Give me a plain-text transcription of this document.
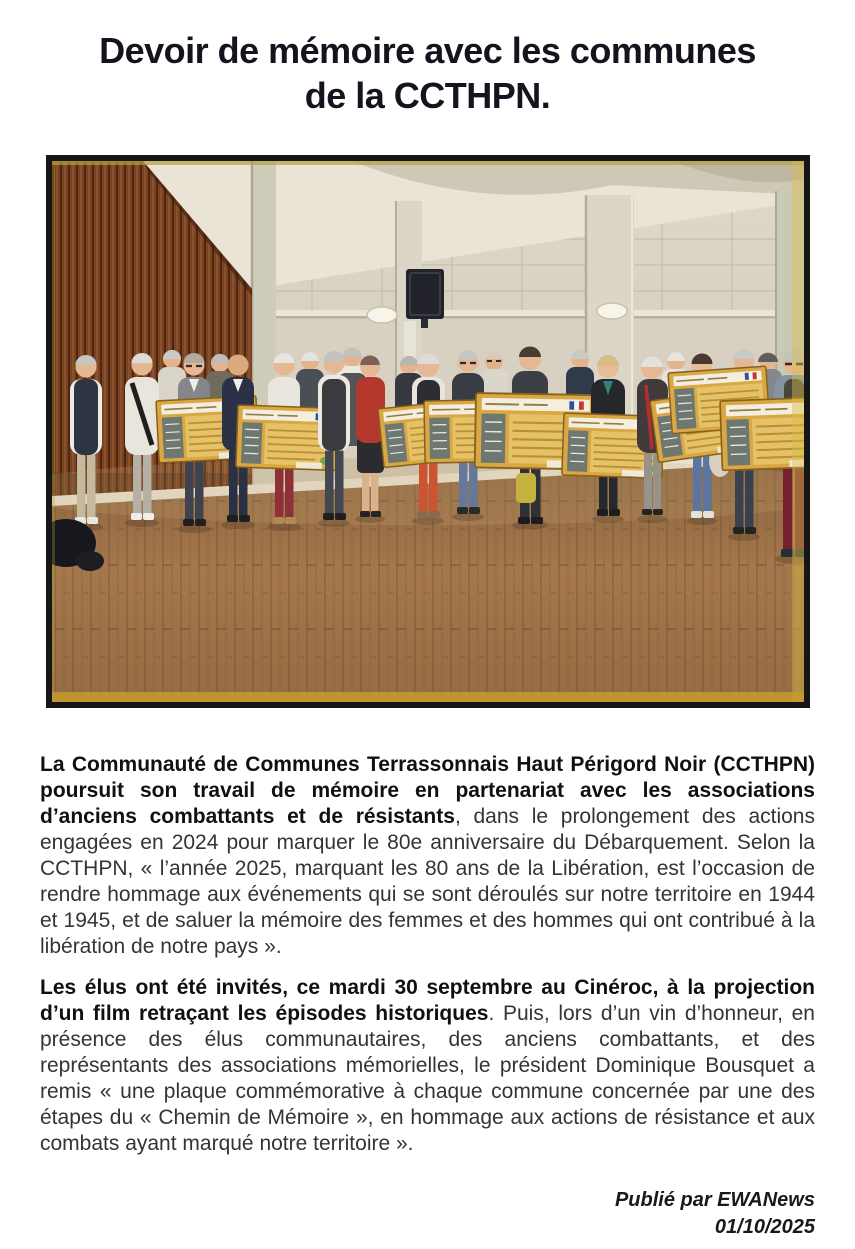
Devoir de mémoire avec les communes
de la CCTHPN.

La Communauté de Communes Terrassonnais Haut Périgord Noir (CCTHPN) poursuit son travail de mémoire en partenariat avec les associations d’anciens combattants et de résistants, dans le prolongement des actions engagées en 2024 pour marquer le 80e anniversaire du Débarquement. Selon la CCTHPN, « l’année 2025, marquant les 80 ans de la Libération, est l’occasion de rendre hommage aux événements qui se sont déroulés sur notre territoire en 1944 et 1945, et de saluer la mémoire des femmes et des hommes qui ont contribué à la libération de notre pays ».

Les élus ont été invités, ce mardi 30 septembre au Cinéroc, à la projection d’un film retraçant les épisodes historiques. Puis, lors d’un vin d’honneur, en présence des élus communautaires, des anciens combattants, et des représentants des associations mémorielles, le président Dominique Bousquet a remis « une plaque commémorative à chaque commune concernée par une des étapes du « Chemin de Mémoire », en hommage aux actions de résistance et aux combats ayant marqué notre territoire ».

Publié par EWANews
01/10/2025
